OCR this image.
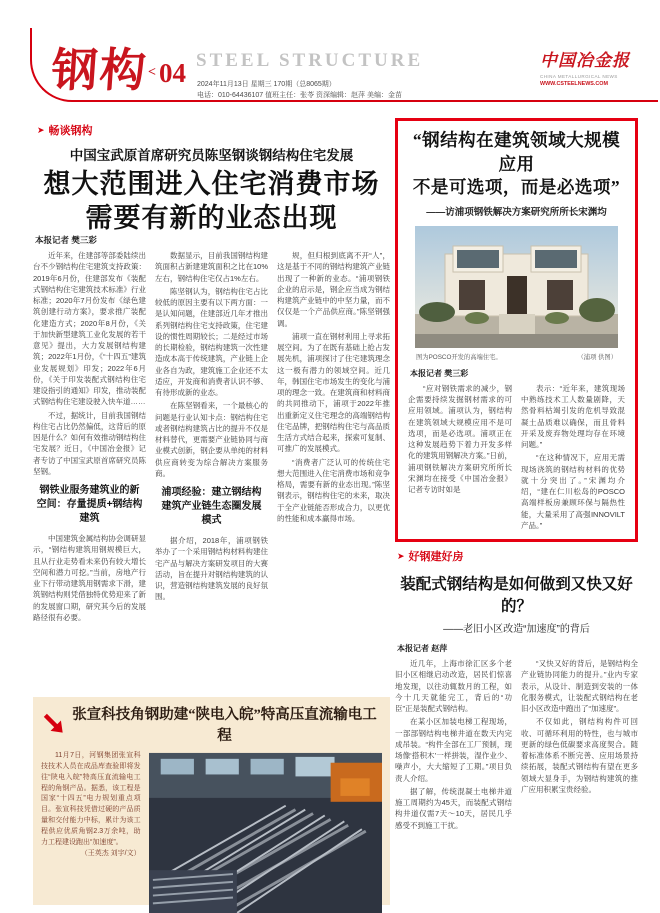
钢构
< 04 STEEL STRUCTURE
2024年11月13日 星期三 170期（总8065期）
电话：010-64436107 值班主任：张苓 资深编辑：赵萍 美编：金苗
中国冶金报
CHINA METALLURGICAL NEWS
WWW.CSTEELNEWS.COM
➤ 畅谈钢构
中国宝武原首席研究员陈坚钢谈钢结构住宅发展
想大范围进入住宅消费市场
需要有新的业态出现
本报记者 樊三彩

近年来，住建部等部委陆续出台不少钢结构住宅建筑支持政策：2019年6月份，住建部发布《装配式钢结构住宅建筑技术标准》行业标准；2020年7月份发布《绿色建筑创建行动方案》，要求推广装配化建造方式；2020年8月份，《关于加快新型建筑工业化发展的若干意见》提出，大力发展钢结构建筑；2022年1月份，《“十四五”建筑业发展规划》印发；2022年6月份，《关于印发装配式钢结构住宅建设指引的通知》印发，推动装配式钢结构住宅建设驶入快车道……

不过，据统计，目前我国钢结构住宅占比仍然偏低，这背后的原因是什么？如何有效推动钢结构住宅发展？近日，《中国冶金报》记者专访了中国宝武原首席研究员陈坚钢。

钢铁业服务建筑业的新空间：存量提质+钢结构建筑

中国建筑金属结构协会调研显示，“钢结构建筑用钢规模巨大，且从行业走势看未来仍有较大增长空间和潜力可挖。”当前，房地产行业下行带动建筑用钢需求下滑，建筑钢结构则凭借独特优势迎来了新的发展窗口期，研究其今后的发展路径很有必要。

数据显示，目前我国钢结构建筑面积占新建建筑面积之比在10%左右，钢结构住宅仅占1%左右。

陈坚钢认为，钢结构住宅占比较低的原因主要有以下两方面：一是认知问题，住建部近几年才推出系列钢结构住宅支持政策，住宅建设的惯性周期较长；二是经过市场的长期检验，钢结构建筑一次性建造成本高于传统建筑，产业链上企业各自为政，建筑施工企业还不太适应，开发商和消费者认识不够、有待形成新的业态。

在陈坚钢看来，一个最核心的问题是行业认知卡点：钢结构住宅或者钢结构建筑占比的提升不仅是材料替代，更需要产业链协同与商业模式创新，钢企要从单纯的材料供应商转变为综合解决方案服务商。

浦项经验：建立钢结构建筑产业链生态圈发展模式

据介绍，2018年，浦项钢铁举办了一个采用钢结构材料构建住宅产品与解决方案研发项目的大赛活动，旨在提升对钢结构建筑的认识，营造钢结构建筑发展的良好氛围。

规，但归根到底离不开“人”，这是基于不同的钢结构建筑产业链出现了一种新的业态。“浦项钢铁企业的启示是，钢企应当成为钢结构建筑产业链中的中坚力量，而不仅仅是一个产品供应商。”陈坚钢强调。

浦项一直在钢材利用上寻求拓展空间。为了在既有基础上抢占发展先机，浦项探讨了住宅建筑理念这一极有潜力的领域空间。近几年，韩国住宅市场发生的变化与浦项的理念一致。在建筑商和材料商的共同推动下，浦项于2022年推出重新定义住宅理念的高端钢结构住宅品牌，把钢结构住宅与高品质生活方式结合起来，探索可复制、可推广的发展模式。

“消费者广泛认可的传统住宅想大范围进入住宅消费市场和竞争格局，需要有新的业态出现。”陈坚钢表示，钢结构住宅的未来，取决于全产业链能否形成合力，以更优的性能和成本赢得市场。

“钢结构在建筑领域大规模应用
不是可选项，而是必选项”
——访浦项钢铁解决方案研究所所长宋渊均
图为POSCO开发的高端住宅。	（浦项 供图）
本报记者 樊三彩

“应对钢铁需求的减少，钢企需要持续发掘钢材需求的可应用领域。浦项认为，钢结构在建筑领域大规模应用不是可选项，而是必选项。浦项正在这种发展趋势下着力开发多样化的建筑用钢解决方案。”日前，浦项钢铁解决方案研究所所长宋渊均在接受《中国冶金报》记者专访时如是

表示：“近年来，建筑现场中熟练技术工人数量剧降，天然骨料枯竭引发的危机导致混凝土品质难以确保，而且骨料开采及废弃物处理均存在环境问题。”

“在这种情况下，应用无需现场浇筑的钢结构材料的优势就十分突出了。”宋渊均介绍，“建在仁川松岛的POSCO高端样板房兼顾环保与隔热性能，大量采用了高强INNOVILT产品。”

➤ 好钢建好房
装配式钢结构是如何做到又快又好的？
——老旧小区改造“加速度”的背后
本报记者 赵萍

近几年，上海市徐汇区多个老旧小区相继启动改造，居民们惊喜地发现，以往动辄数月的工程，如今十几天就能完工，背后的“功臣”正是装配式钢结构。

在某小区加装电梯工程现场，一部部钢结构电梯井道在数天内完成吊装。“构件全部在工厂预制，现场像‘搭积木’一样拼装，湿作业少、噪声小，大大缩短了工期。”项目负责人介绍。

据了解，传统混凝土电梯井道施工周期约为45天，而装配式钢结构井道仅需7天～10天，居民几乎感受不到施工干扰。

“又快又好的背后，是钢结构全产业链协同能力的提升。”业内专家表示，从设计、制造到安装的一体化服务模式，让装配式钢结构在老旧小区改造中跑出了“加速度”。

不仅如此，钢结构构件可回收、可循环利用的特性，也与城市更新的绿色低碳要求高度契合。随着标准体系不断完善、应用场景持续拓展，装配式钢结构有望在更多领域大显身手，为钢结构建筑的推广应用积累宝贵经验。

张宣科技角钢助建“陕电入皖”特高压直流输电工程

11月7日，河钢集团张宣科技技术人员在成品库查验即将发往“陕电入皖”特高压直流输电工程的角钢产品。据悉，该工程是国家“十四五”电力规划重点项目。张宣科技凭借过硬的产品质量和交付能力中标，累计为该工程供应优质角钢2.3万余吨，助力工程建设跑出“加速度”。

（王英杰 刘宇/文）
